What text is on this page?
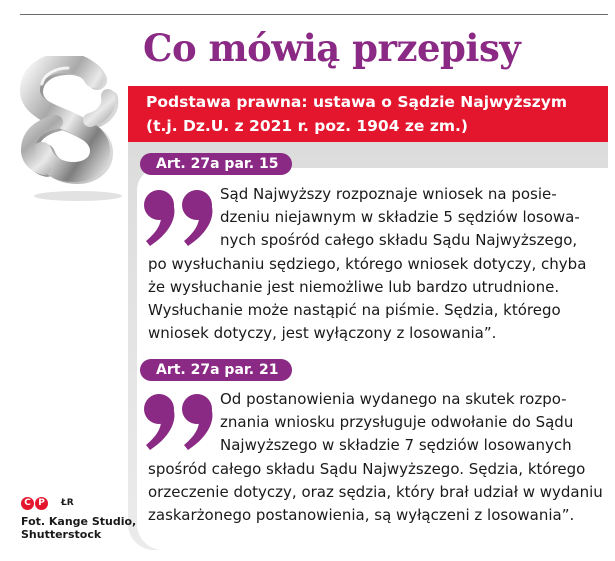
Co mówią przepisy
Podstawa prawna: ustawa o Sądzie Najwyższym
(t.j. Dz.U. z 2021 r. poz. 1904 ze zm.)
Art. 27a par. 15
Sąd Najwyższy rozpoznaje wniosek na posie-
dzeniu niejawnym w składzie 5 sędziów losowa-
nych spośród całego składu Sądu Najwyższego,
po wysłuchaniu sędziego, którego wniosek dotyczy, chyba
że wysłuchanie jest niemożliwe lub bardzo utrudnione.
Wysłuchanie może nastąpić na piśmie. Sędzia, którego
wniosek dotyczy, jest wyłączony z losowania”.
Art. 27a par. 21
Od postanowienia wydanego na skutek rozpo-
znania wniosku przysługuje odwołanie do Sądu
Najwyższego w składzie 7 sędziów losowanych
spośród całego składu Sądu Najwyższego. Sędzia, którego
orzeczenie dotyczy, oraz sędzia, który brał udział w wydaniu
zaskarżonego postanowienia, są wyłączeni z losowania”.
C P	ŁR
Fot. Kange Studio,
Shutterstock
